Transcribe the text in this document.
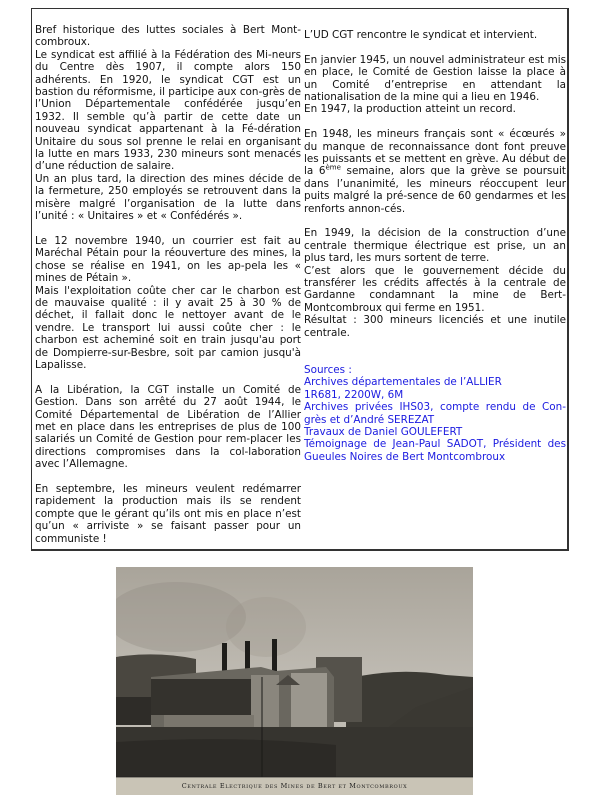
Bref historique des luttes sociales à Bert Mont-combroux.

Le syndicat est affilié à la Fédération des Mi-neurs du Centre dès 1907, il compte alors 150 adhérents. En 1920, le syndicat CGT est un bastion du réformisme, il participe aux con-grès de l’Union Départementale confédérée jusqu’en 1932. Il semble qu’à partir de cette date un nouveau syndicat appartenant à la Fé-dération Unitaire du sous sol prenne le relai en organisant la lutte en mars 1933, 230 mineurs sont menacés d’une réduction de salaire.

Un an plus tard, la direction des mines décide de la fermeture, 250 employés se retrouvent dans la misère malgré l’organisation de la lutte dans l’unité : « Unitaires » et « Confédérés ».

Le 12 novembre 1940, un courrier est fait au Maréchal Pétain pour la réouverture des mines, la chose se réalise en 1941, on les ap-pela les « mines de Pétain ».

Mais l'exploitation coûte cher car le charbon est de mauvaise qualité : il y avait 25 à 30 % de déchet, il fallait donc le nettoyer avant de le vendre. Le transport lui aussi coûte cher : le charbon est acheminé soit en train jusqu'au port de Dompierre-sur-Besbre, soit par camion jusqu'à Lapalisse.

A la Libération, la CGT installe un Comité de Gestion. Dans son arrêté du 27 août 1944, le Comité Départemental de Libération de l’Allier met en place dans les entreprises de plus de 100 salariés un Comité de Gestion pour rem-placer les directions compromises dans la col-laboration avec l’Allemagne.

En septembre, les mineurs veulent redémarrer rapidement la production mais ils se rendent compte que le gérant qu’ils ont mis en place n’est qu’un « arriviste » se faisant passer pour un communiste !

L’UD CGT rencontre le syndicat et intervient.

En janvier 1945, un nouvel administrateur est mis en place, le Comité de Gestion laisse la place à un Comité d’entreprise en attendant la nationalisation de la mine qui a lieu en 1946.

En 1947, la production atteint un record.

En 1948, les mineurs français sont « écœurés » du manque de reconnaissance dont font preuve les puissants et se mettent en grève. Au début de la 6ème semaine, alors que la grève se poursuit dans l’unanimité, les mineurs réoccupent leur puits malgré la pré-sence de 60 gendarmes et les renforts annon-cés.

En 1949, la décision de la construction d’une centrale thermique électrique est prise, un an plus tard, les murs sortent de terre.

C’est alors que le gouvernement décide du transférer les crédits affectés à la centrale de Gardanne condamnant la mine de Bert-Montcombroux qui ferme en 1951.

Résultat : 300 mineurs licenciés et une inutile centrale.

Sources :

Archives départementales de l’ALLIER

1R681, 2200W, 6M

Archives privées IHS03, compte rendu de Con-grès et d’André SEREZAT

Travaux de Daniel GOULEFERT

Témoignage de Jean-Paul SADOT, Président des Gueules Noires de Bert Montcombroux

Centrale Electrique des Mines de Bert et Montcombroux
